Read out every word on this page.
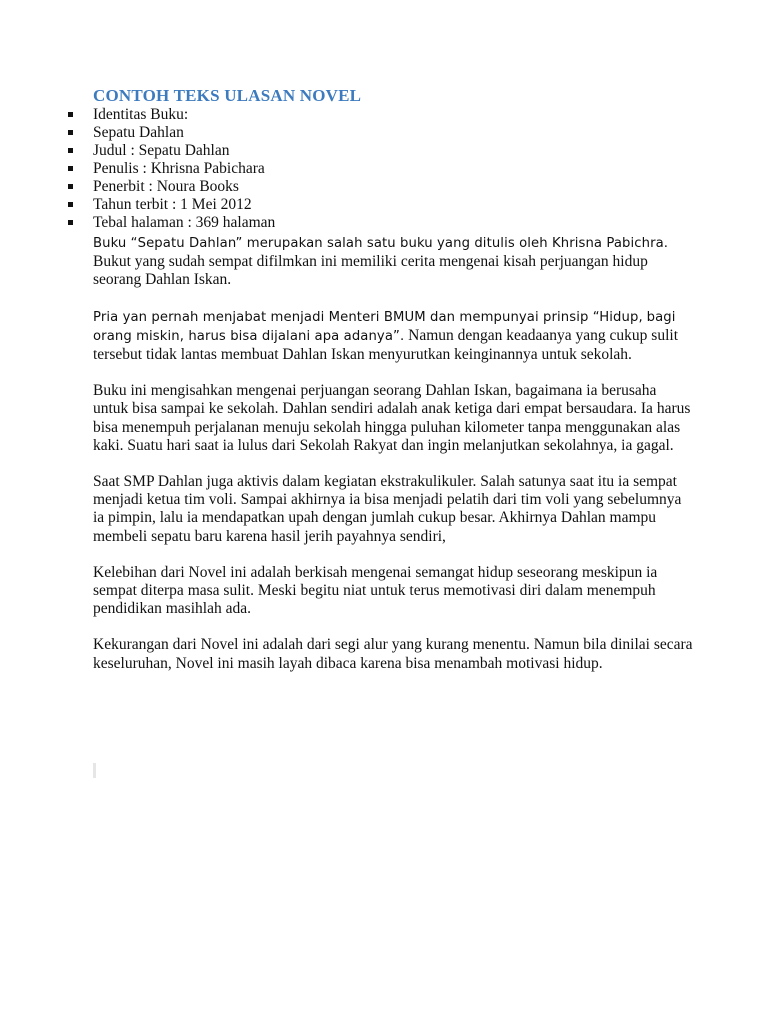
CONTOH TEKS ULASAN NOVEL
Identitas Buku:
Sepatu Dahlan
Judul : Sepatu Dahlan
Penulis : Khrisna Pabichara
Penerbit : Noura Books
Tahun terbit : 1 Mei 2012
Tebal halaman : 369 halaman

Buku “Sepatu Dahlan” merupakan salah satu buku yang ditulis oleh Khrisna Pabichra. Bukut yang sudah sempat difilmkan ini memiliki cerita mengenai kisah perjuangan hidup seorang Dahlan Iskan.

Pria yan pernah menjabat menjadi Menteri BMUM dan mempunyai prinsip “Hidup, bagi orang miskin, harus bisa dijalani apa adanya”. Namun dengan keadaanya yang cukup sulit tersebut tidak lantas membuat Dahlan Iskan menyurutkan keinginannya untuk sekolah.

Buku ini mengisahkan mengenai perjuangan seorang Dahlan Iskan, bagaimana ia berusaha untuk bisa sampai ke sekolah. Dahlan sendiri adalah anak ketiga dari empat bersaudara. Ia harus bisa menempuh perjalanan menuju sekolah hingga puluhan kilometer tanpa menggunakan alas kaki. Suatu hari saat ia lulus dari Sekolah Rakyat dan ingin melanjutkan sekolahnya, ia gagal.

Saat SMP Dahlan juga aktivis dalam kegiatan ekstrakulikuler. Salah satunya saat itu ia sempat menjadi ketua tim voli. Sampai akhirnya ia bisa menjadi pelatih dari tim voli yang sebelumnya ia pimpin, lalu ia mendapatkan upah dengan jumlah cukup besar. Akhirnya Dahlan mampu membeli sepatu baru karena hasil jerih payahnya sendiri,

Kelebihan dari Novel ini adalah berkisah mengenai semangat hidup seseorang meskipun ia sempat diterpa masa sulit. Meski begitu niat untuk terus memotivasi diri dalam menempuh pendidikan masihlah ada.

Kekurangan dari Novel ini adalah dari segi alur yang kurang menentu. Namun bila dinilai secara keseluruhan, Novel ini masih layah dibaca karena bisa menambah motivasi hidup.
